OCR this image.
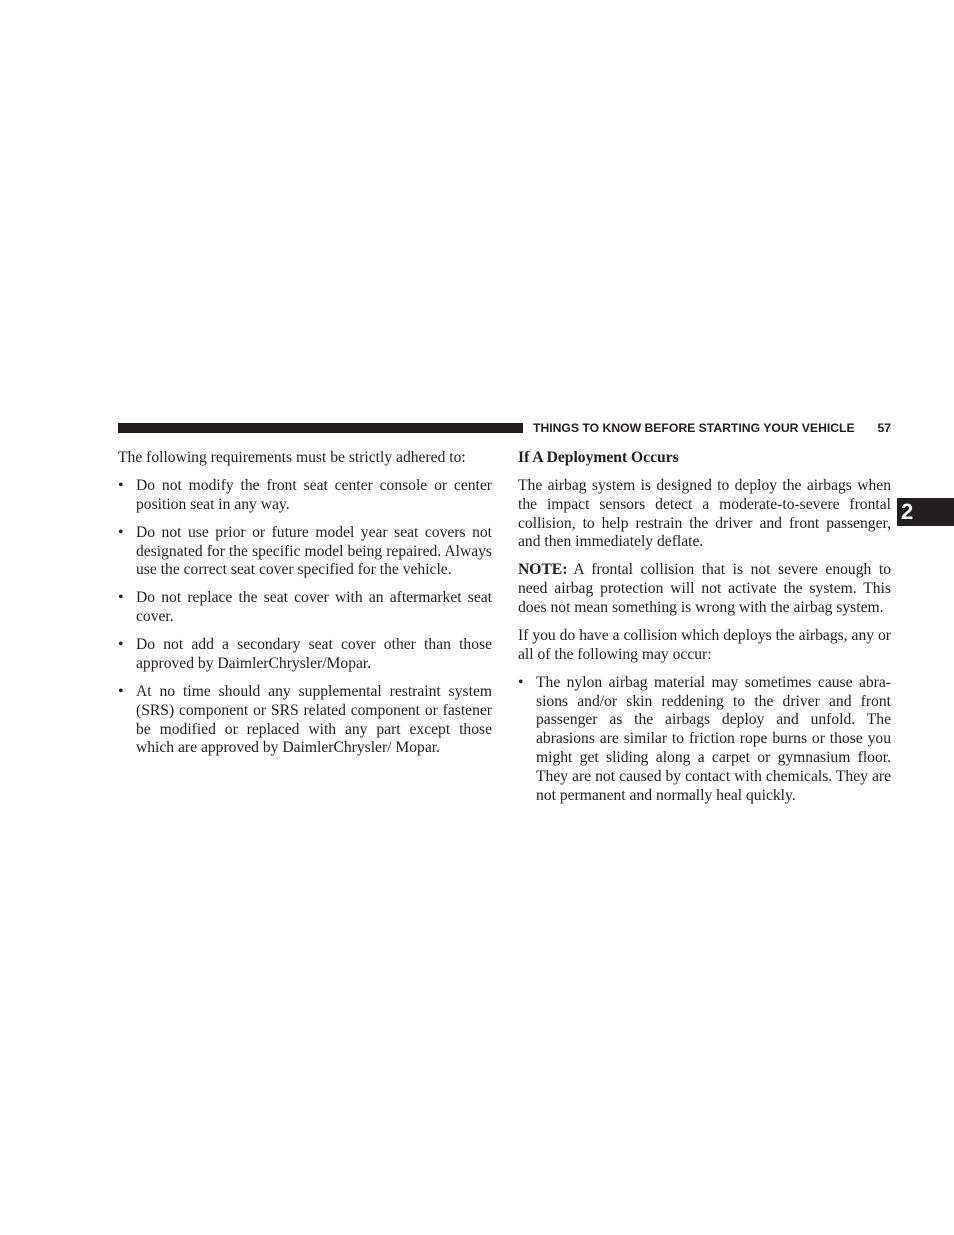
THINGS TO KNOW BEFORE STARTING YOUR VEHICLE 57
2

The following requirements must be strictly adhered to:

• Do not modify the front seat center console or center position seat in any way.
• Do not use prior or future model year seat covers not designated for the specific model being repaired. Always use the correct seat cover specified for the vehicle.
• Do not replace the seat cover with an aftermarket seat cover.
• Do not add a secondary seat cover other than those approved by DaimlerChrysler/Mopar.
• At no time should any supplemental restraint system (SRS) component or SRS related component or fastener be modified or replaced with any part except those which are approved by DaimlerChrysler/ Mopar.

If A Deployment Occurs

The airbag system is designed to deploy the airbags when the impact sensors detect a moderate-to-severe frontal collision, to help restrain the driver and front passenger, and then immediately deflate.

NOTE: A frontal collision that is not severe enough to need airbag protection will not activate the system. This does not mean something is wrong with the airbag system.

If you do have a collision which deploys the airbags, any or all of the following may occur:

• The nylon airbag material may sometimes cause abrasions and/or skin reddening to the driver and front passenger as the airbags deploy and unfold. The abrasions are similar to friction rope burns or those you might get sliding along a carpet or gymnasium floor. They are not caused by contact with chemicals. They are not permanent and normally heal quickly.
